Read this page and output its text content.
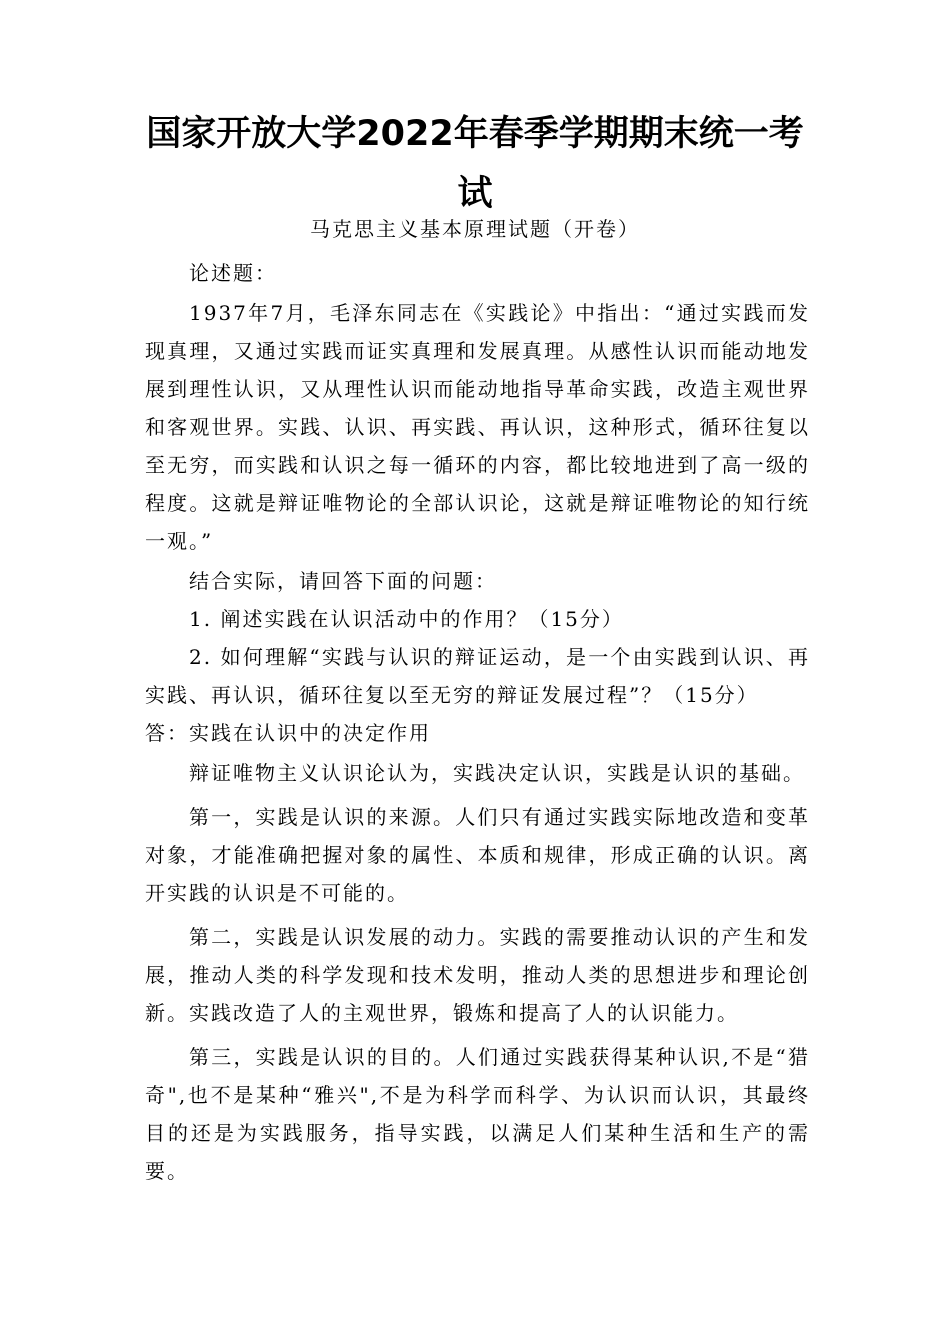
国家开放大学2022年春季学期期末统一考试

马克思主义基本原理试题（开卷）

论述题：

1937年7月，毛泽东同志在《实践论》中指出：“通过实践而发现真理，又通过实践而证实真理和发展真理。从感性认识而能动地发展到理性认识，又从理性认识而能动地指导革命实践，改造主观世界和客观世界。实践、认识、再实践、再认识，这种形式，循环往复以至无穷，而实践和认识之每一循环的内容，都比较地进到了高一级的程度。这就是辩证唯物论的全部认识论，这就是辩证唯物论的知行统一观。”

结合实际，请回答下面的问题：

1. 阐述实践在认识活动中的作用？（15分）

2. 如何理解“实践与认识的辩证运动，是一个由实践到认识、再实践、再认识，循环往复以至无穷的辩证发展过程”？（15分）

答：实践在认识中的决定作用

辩证唯物主义认识论认为，实践决定认识，实践是认识的基础。

第一，实践是认识的来源。人们只有通过实践实际地改造和变革对象，才能准确把握对象的属性、本质和规律，形成正确的认识。离开实践的认识是不可能的。

第二，实践是认识发展的动力。实践的需要推动认识的产生和发展，推动人类的科学发现和技术发明，推动人类的思想进步和理论创新。实践改造了人的主观世界，锻炼和提高了人的认识能力。

第三，实践是认识的目的。人们通过实践获得某种认识,不是“猎奇",也不是某种“雅兴",不是为科学而科学、为认识而认识，其最终目的还是为实践服务，指导实践，以满足人们某种生活和生产的需要。
